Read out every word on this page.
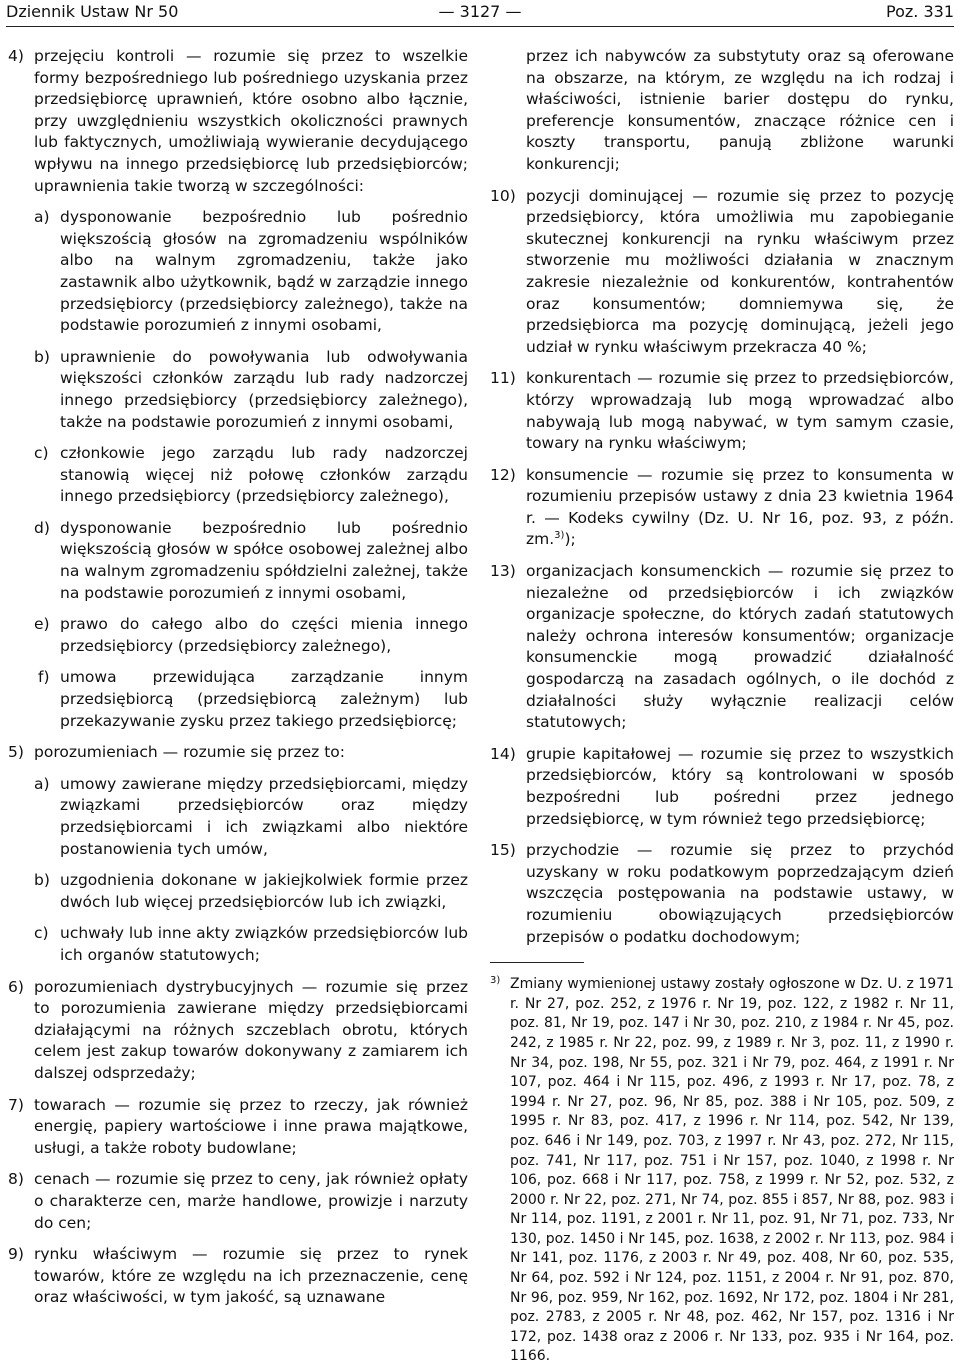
Dziennik Ustaw Nr 50	— 3127 —	Poz. 331
4) przejęciu kontroli — rozumie się przez to wszelkie formy bezpośredniego lub pośredniego uzyskania przez przedsiębiorcę uprawnień, które osobno albo łącznie, przy uwzględnieniu wszystkich okoliczności prawnych lub faktycznych, umożliwiają wywieranie decydującego wpływu na innego przedsiębiorcę lub przedsiębiorców; uprawnienia takie tworzą w szczególności:
a) dysponowanie bezpośrednio lub pośrednio większością głosów na zgromadzeniu wspólników albo na walnym zgromadzeniu, także jako zastawnik albo użytkownik, bądź w zarządzie innego przedsiębiorcy (przedsiębiorcy zależnego), także na podstawie porozumień z innymi osobami,
b) uprawnienie do powoływania lub odwoływania większości członków zarządu lub rady nadzorczej innego przedsiębiorcy (przedsiębiorcy zależnego), także na podstawie porozumień z innymi osobami,
c) członkowie jego zarządu lub rady nadzorczej stanowią więcej niż połowę członków zarządu innego przedsiębiorcy (przedsiębiorcy zależnego),
d) dysponowanie bezpośrednio lub pośrednio większością głosów w spółce osobowej zależnej albo na walnym zgromadzeniu spółdzielni zależnej, także na podstawie porozumień z innymi osobami,
e) prawo do całego albo do części mienia innego przedsiębiorcy (przedsiębiorcy zależnego),
f) umowa przewidująca zarządzanie innym przedsiębiorcą (przedsiębiorcą zależnym) lub przekazywanie zysku przez takiego przedsiębiorcę;
5) porozumieniach — rozumie się przez to:
a) umowy zawierane między przedsiębiorcami, między związkami przedsiębiorców oraz między przedsiębiorcami i ich związkami albo niektóre postanowienia tych umów,
b) uzgodnienia dokonane w jakiejkolwiek formie przez dwóch lub więcej przedsiębiorców lub ich związki,
c) uchwały lub inne akty związków przedsiębiorców lub ich organów statutowych;
6) porozumieniach dystrybucyjnych — rozumie się przez to porozumienia zawierane między przedsiębiorcami działającymi na różnych szczeblach obrotu, których celem jest zakup towarów dokonywany z zamiarem ich dalszej odsprzedaży;
7) towarach — rozumie się przez to rzeczy, jak również energię, papiery wartościowe i inne prawa majątkowe, usługi, a także roboty budowlane;
8) cenach — rozumie się przez to ceny, jak również opłaty o charakterze cen, marże handlowe, prowizje i narzuty do cen;
9) rynku właściwym — rozumie się przez to rynek towarów, które ze względu na ich przeznaczenie, cenę oraz właściwości, w tym jakość, są uznawane
przez ich nabywców za substytuty oraz są oferowane na obszarze, na którym, ze względu na ich rodzaj i właściwości, istnienie barier dostępu do rynku, preferencje konsumentów, znaczące różnice cen i koszty transportu, panują zbliżone warunki konkurencji;
10) pozycji dominującej — rozumie się przez to pozycję przedsiębiorcy, która umożliwia mu zapobieganie skutecznej konkurencji na rynku właściwym przez stworzenie mu możliwości działania w znacznym zakresie niezależnie od konkurentów, kontrahentów oraz konsumentów; domniemywa się, że przedsiębiorca ma pozycję dominującą, jeżeli jego udział w rynku właściwym przekracza 40 %;
11) konkurentach — rozumie się przez to przedsiębiorców, którzy wprowadzają lub mogą wprowadzać albo nabywają lub mogą nabywać, w tym samym czasie, towary na rynku właściwym;
12) konsumencie — rozumie się przez to konsumenta w rozumieniu przepisów ustawy z dnia 23 kwietnia 1964 r. — Kodeks cywilny (Dz. U. Nr 16, poz. 93, z późn. zm.$^{3)}$);
13) organizacjach konsumenckich — rozumie się przez to niezależne od przedsiębiorców i ich związków organizacje społeczne, do których zadań statutowych należy ochrona interesów konsumentów; organizacje konsumenckie mogą prowadzić działalność gospodarczą na zasadach ogólnych, o ile dochód z działalności służy wyłącznie realizacji celów statutowych;
14) grupie kapitałowej — rozumie się przez to wszystkich przedsiębiorców, który są kontrolowani w sposób bezpośredni lub pośredni przez jednego przedsiębiorcę, w tym również tego przedsiębiorcę;
15) przychodzie — rozumie się przez to przychód uzyskany w roku podatkowym poprzedzającym dzień wszczęcia postępowania na podstawie ustawy, w rozumieniu obowiązujących przedsiębiorców przepisów o podatku dochodowym;
3) Zmiany wymienionej ustawy zostały ogłoszone w Dz. U. z 1971 r. Nr 27, poz. 252, z 1976 r. Nr 19, poz. 122, z 1982 r. Nr 11, poz. 81, Nr 19, poz. 147 i Nr 30, poz. 210, z 1984 r. Nr 45, poz. 242, z 1985 r. Nr 22, poz. 99, z 1989 r. Nr 3, poz. 11, z 1990 r. Nr 34, poz. 198, Nr 55, poz. 321 i Nr 79, poz. 464, z 1991 r. Nr 107, poz. 464 i Nr 115, poz. 496, z 1993 r. Nr 17, poz. 78, z 1994 r. Nr 27, poz. 96, Nr 85, poz. 388 i Nr 105, poz. 509, z 1995 r. Nr 83, poz. 417, z 1996 r. Nr 114, poz. 542, Nr 139, poz. 646 i Nr 149, poz. 703, z 1997 r. Nr 43, poz. 272, Nr 115, poz. 741, Nr 117, poz. 751 i Nr 157, poz. 1040, z 1998 r. Nr 106, poz. 668 i Nr 117, poz. 758, z 1999 r. Nr 52, poz. 532, z 2000 r. Nr 22, poz. 271, Nr 74, poz. 855 i 857, Nr 88, poz. 983 i Nr 114, poz. 1191, z 2001 r. Nr 11, poz. 91, Nr 71, poz. 733, Nr 130, poz. 1450 i Nr 145, poz. 1638, z 2002 r. Nr 113, poz. 984 i Nr 141, poz. 1176, z 2003 r. Nr 49, poz. 408, Nr 60, poz. 535, Nr 64, poz. 592 i Nr 124, poz. 1151, z 2004 r. Nr 91, poz. 870, Nr 96, poz. 959, Nr 162, poz. 1692, Nr 172, poz. 1804 i Nr 281, poz. 2783, z 2005 r. Nr 48, poz. 462, Nr 157, poz. 1316 i Nr 172, poz. 1438 oraz z 2006 r. Nr 133, poz. 935 i Nr 164, poz. 1166.
